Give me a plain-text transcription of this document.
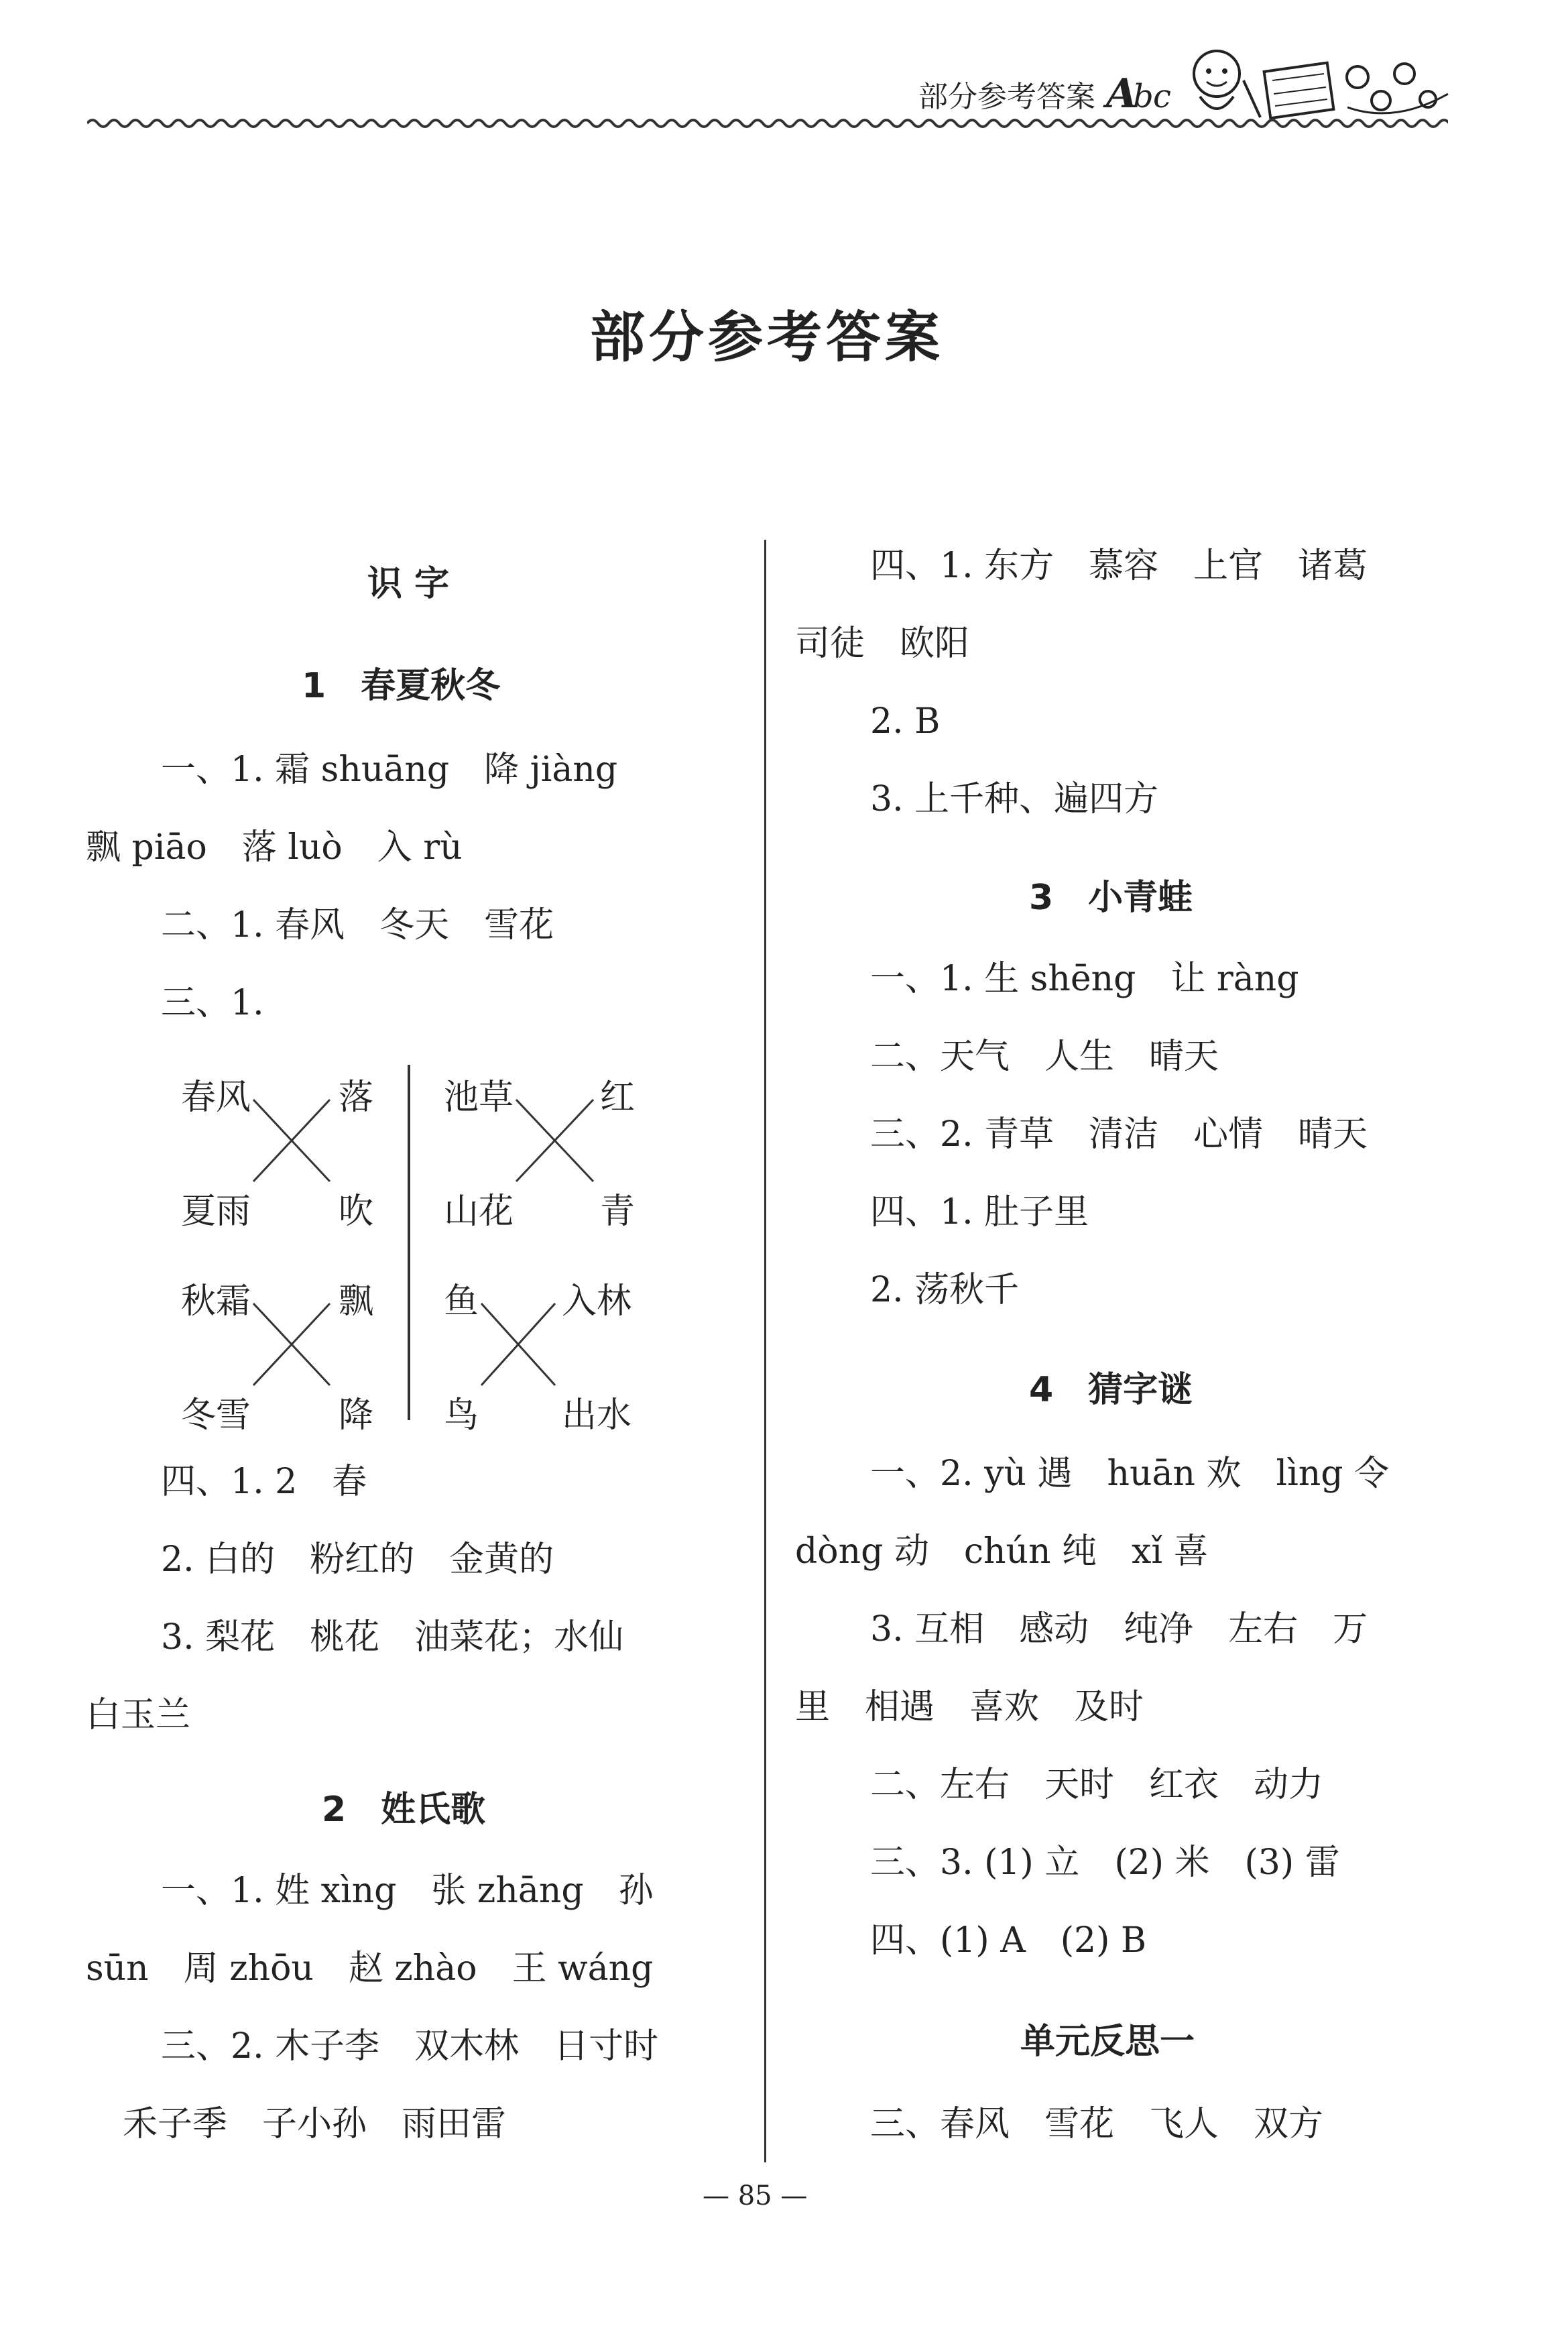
部分参考答案 A
b c
部分参考答案
识 字
1　春夏秋冬
一、1. 霜 shuāng　降 jiàng
飘 piāo　落 luò　入 rù
二、1. 春风　冬天　雪花
三、1.
春风	落
夏雨	吹
秋霜	飘
冬雪	降
池草 红
山花 青
鱼 入林
鸟 出水
四、1. 2　春
2. 白的　粉红的　金黄的
3. 梨花　桃花　油菜花；水仙
白玉兰
2　姓氏歌
一、1. 姓 xìng　张 zhāng　孙
sūn　周 zhōu　赵 zhào　王 wáng
三、2. 木子李　双木林　日寸时
禾子季　子小孙　雨田雷
四、1. 东方　慕容　上官　诸葛
司徒　欧阳
2. B
3. 上千种、遍四方
3　小青蛙
一、1. 生 shēng　让 ràng
二、天气　人生　晴天
三、2. 青草　清洁　心情　晴天
四、1. 肚子里
2. 荡秋千
4　猜字谜
一、2. yù 遇　huān 欢　lìng 令
dòng 动　chún 纯　xǐ 喜
3. 互相　感动　纯净　左右　万
里　相遇　喜欢　及时
二、左右　天时　红衣　动力
三、3. (1) 立　(2) 米　(3) 雷
四、(1) A　(2) B
单元反思一
三、春风　雪花　飞人　双方
— 85 —
